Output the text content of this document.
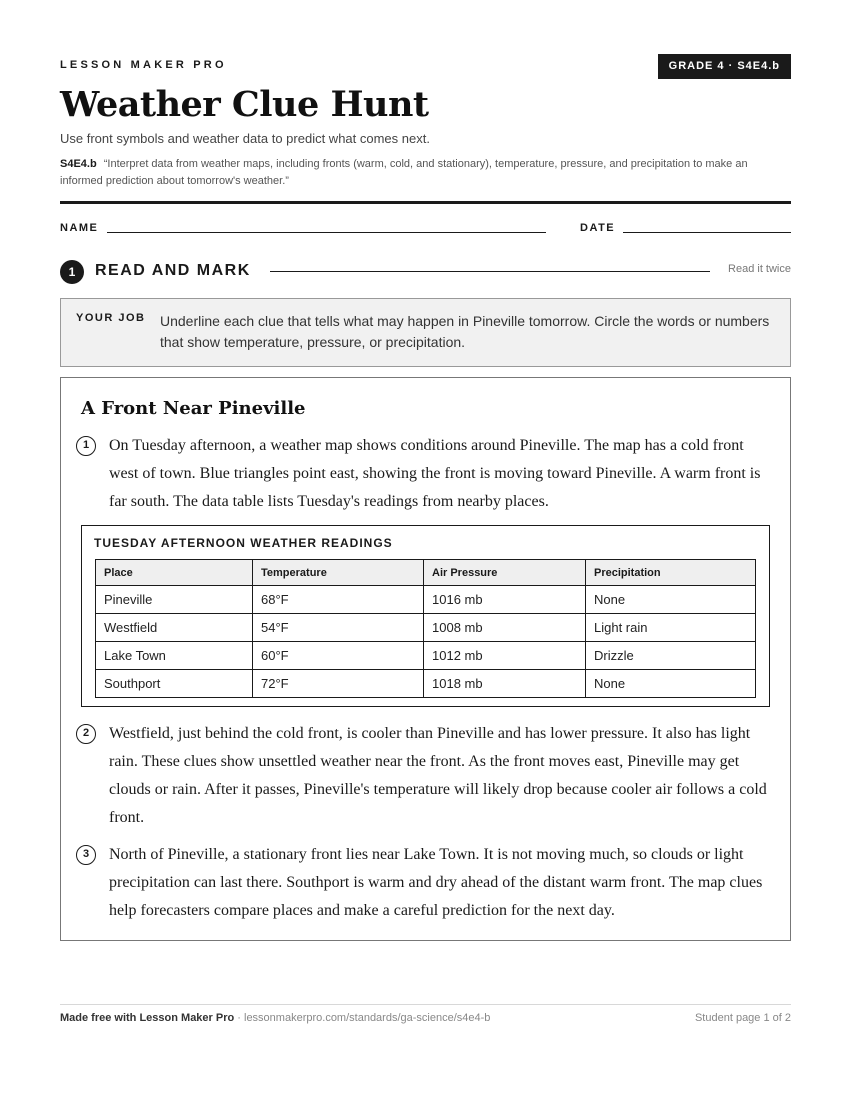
LESSON MAKER PRO	GRADE 4 · S4E4.b
Weather Clue Hunt
Use front symbols and weather data to predict what comes next.
S4E4.b “Interpret data from weather maps, including fronts (warm, cold, and stationary), temperature, pressure, and precipitation to make an informed prediction about tomorrow's weather.”
NAME	DATE
1	READ AND MARK	Read it twice
YOUR JOB Underline each clue that tells what may happen in Pineville tomorrow. Circle the words or numbers that show temperature, pressure, or precipitation.
A Front Near Pineville
1	On Tuesday afternoon, a weather map shows conditions around Pineville. The map has a cold front west of town. Blue triangles point east, showing the front is moving toward Pineville. A warm front is far south. The data table lists Tuesday's readings from nearby places.

TUESDAY AFTERNOON WEATHER READINGS
Place	Temperature	Air Pressure	Precipitation
Pineville	68°F	1016 mb	None
Westfield	54°F	1008 mb	Light rain
Lake Town	60°F	1012 mb	Drizzle
Southport	72°F	1018 mb	None
2	Westfield, just behind the cold front, is cooler than Pineville and has lower pressure. It also has light rain. These clues show unsettled weather near the front. As the front moves east, Pineville may get clouds or rain. After it passes, Pineville's temperature will likely drop because cooler air follows a cold front.

3	North of Pineville, a stationary front lies near Lake Town. It is not moving much, so clouds or light precipitation can last there. Southport is warm and dry ahead of the distant warm front. The map clues help forecasters compare places and make a careful prediction for the next day.

Made free with Lesson Maker Pro · lessonmakerpro.com/standards/ga-science/s4e4-b	Student page 1 of 2
